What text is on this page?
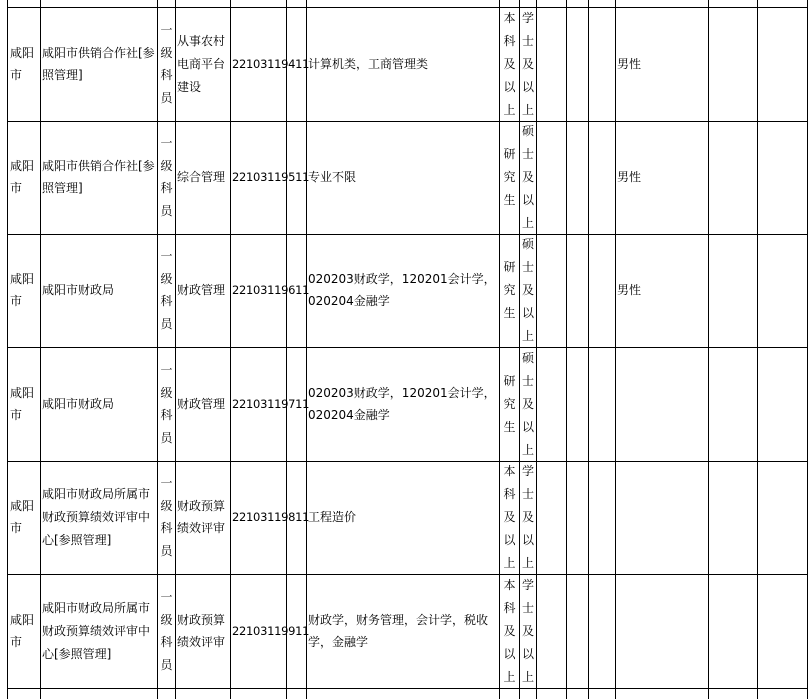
咸阳市
咸阳市供销合作社[参照管理]
一级科员
从事农村电商平台建设
22103119411
计算机类，工商管理类
本科及以上
学士及以上
男性
咸阳市
咸阳市供销合作社[参照管理]
一级科员
综合管理 22103119511
专业不限
研究生
硕士及以上
男性
咸阳市
咸阳市财政局
一级科员
财政管理 22103119611
020203财政学，120201会计学，020204金融学
研究生
硕士及以上
男性
咸阳市
咸阳市财政局
一级科员
财政管理 22103119711
020203财政学，120201会计学，020204金融学
研究生
硕士及以上
咸阳市
咸阳市财政局所属市财政预算绩效评审中心[参照管理]
一级科员
财政预算绩效评审
22103119811
工程造价
本科及以上
学士及以上
咸阳市
咸阳市财政局所属市财政预算绩效评审中心[参照管理]
一级科员
财政预算绩效评审
22103119911
财政学，财务管理，会计学，税收学，金融学
本科及以上
学士及以上
